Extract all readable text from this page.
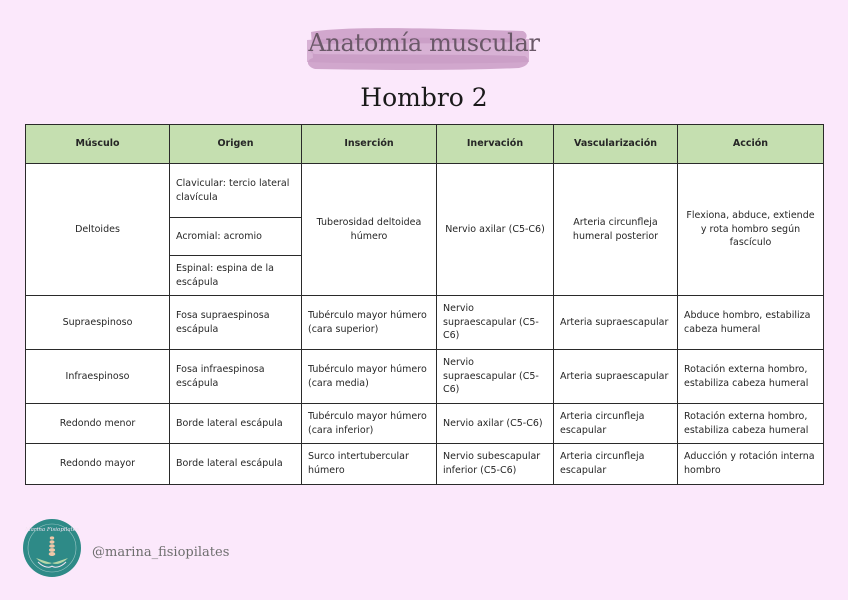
Anatomía muscular
Hombro 2
Músculo	Origen	Inserción	Inervación	Vascularización	Acción
Deltoides	Clavicular: tercio lateral clavícula	Tuberosidad deltoidea húmero	Nervio axilar (C5-C6)	Arteria circunfleja humeral posterior	Flexiona, abduce, extiende y rota hombro según fascículo
	Acromial: acromio				
	Espinal: espina de la escápula				
Supraespinoso	Fosa supraespinosa escápula	Tubérculo mayor húmero (cara superior)	Nervio supraescapular (C5-C6)	Arteria supraescapular	Abduce hombro, estabiliza cabeza humeral
Infraespinoso	Fosa infraespinosa escápula	Tubérculo mayor húmero (cara media)	Nervio supraescapular (C5-C6)	Arteria supraescapular	Rotación externa hombro, estabiliza cabeza humeral
Redondo menor	Borde lateral escápula	Tubérculo mayor húmero (cara inferior)	Nervio axilar (C5-C6)	Arteria circunfleja escapular	Rotación externa hombro, estabiliza cabeza humeral
Redondo mayor	Borde lateral escápula	Surco intertubercular húmero	Nervio subescapular inferior (C5-C6)	Arteria circunfleja escapular	Aducción y rotación interna hombro
Marina Fisiopilates
@marina_fisiopilates
